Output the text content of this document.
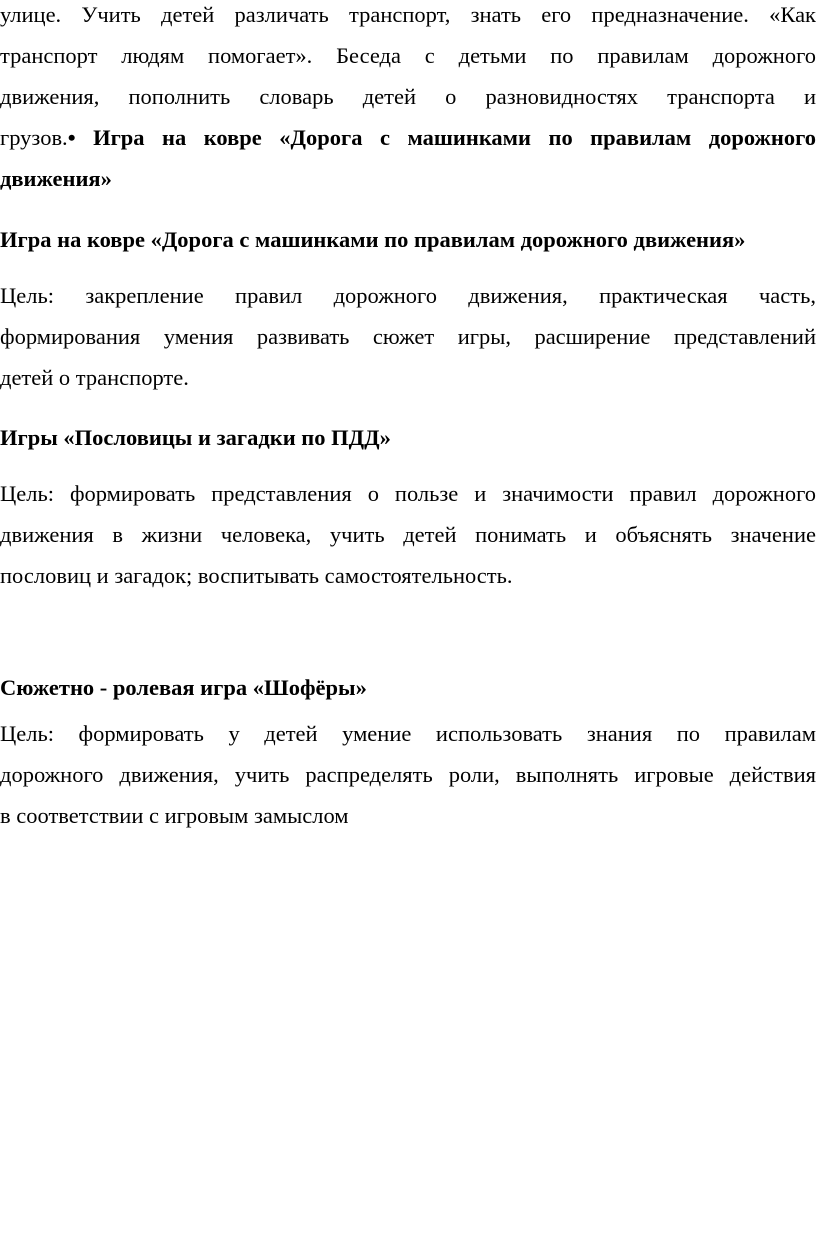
улице. Учить детей различать транспорт, знать его предназначение. «Как
транспорт людям помогает». Беседа с детьми по правилам дорожного
движения, пополнить словарь детей о разновидностях транспорта и
грузов.• Игра на ковре «Дорога с машинками по правилам дорожного
движения»
Игра на ковре «Дорога с машинками по правилам дорожного движения»
Цель: закрепление правил дорожного движения, практическая часть,
формирования умения развивать сюжет игры, расширение представлений
детей о транспорте.
Игры «Пословицы и загадки по ПДД»
Цель: формировать представления о пользе и значимости правил дорожного
движения в жизни человека, учить детей понимать и объяснять значение
пословиц и загадок; воспитывать самостоятельность.
Сюжетно - ролевая игра «Шофёры»
Цель: формировать у детей умение использовать знания по правилам
дорожного движения, учить распределять роли, выполнять игровые действия
в соответствии с игровым замыслом
